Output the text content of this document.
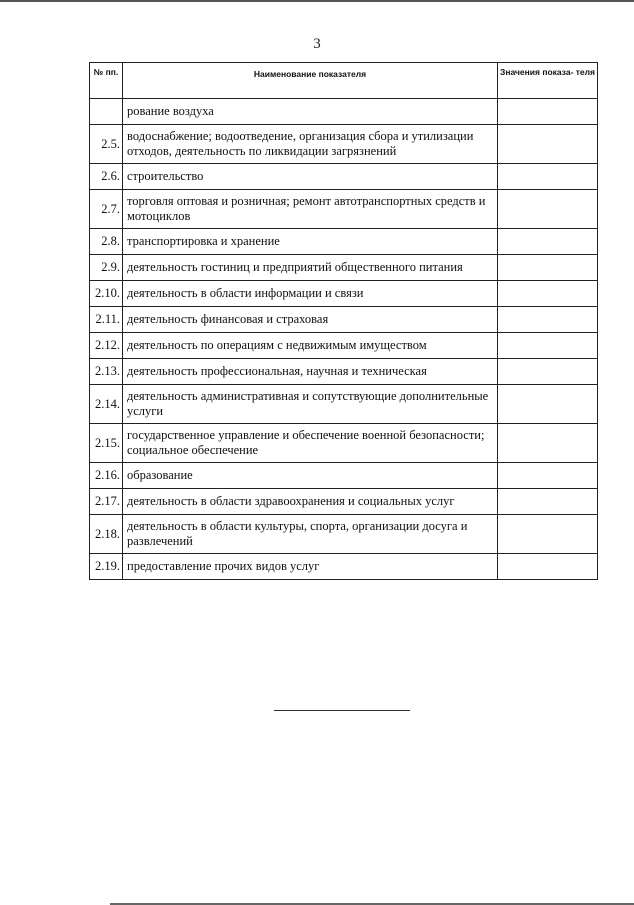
3
№ пп.	Наименование показателя	Значения показа- теля
	рование воздуха	
2.5.	водоснабжение; водоотведение, организация сбора и утилизации отходов, деятельность по ликвидации загрязнений	
2.6.	строительство	
2.7.	торговля оптовая и розничная; ремонт автотранспортных средств и мотоциклов	
2.8.	транспортировка и хранение	
2.9.	деятельность гостиниц и предприятий общественного питания	
2.10.	деятельность в области информации и связи	
2.11.	деятельность финансовая и страховая	
2.12.	деятельность по операциям с недвижимым имуществом	
2.13.	деятельность профессиональная, научная и техническая	
2.14.	деятельность административная и сопутствующие дополнительные услуги	
2.15.	государственное управление и обеспечение военной безопасности; социальное обеспечение	
2.16.	образование	
2.17.	деятельность в области здравоохранения и социальных услуг	
2.18.	деятельность в области культуры, спорта, организации досуга и развлечений	
2.19.	предоставление прочих видов услуг	
